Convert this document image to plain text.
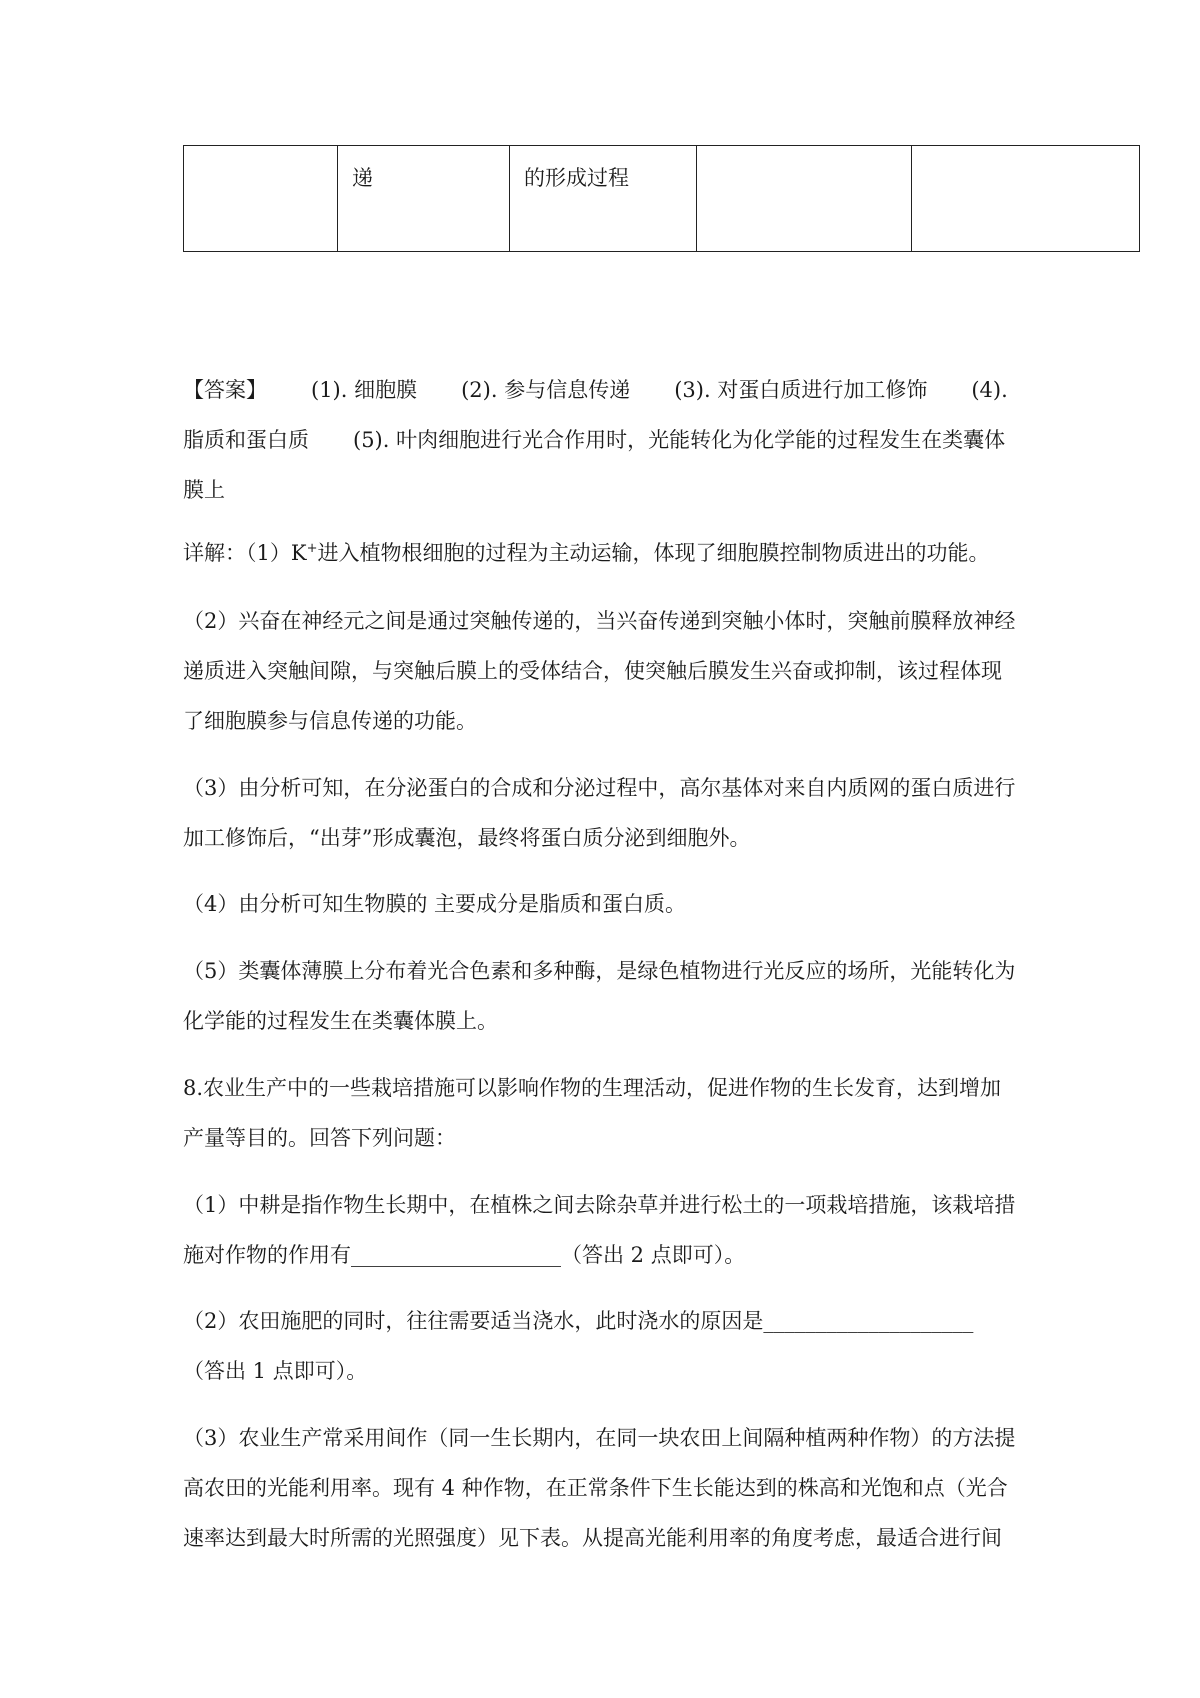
	递	的形成过程		
【答案】 (1). 细胞膜 (2). 参与信息传递 (3). 对蛋白质进行加工修饰 (4).
脂质和蛋白质 (5). 叶肉细胞进行光合作用时，光能转化为化学能的过程发生在类囊体
膜上
详解：（1）K+进入植物根细胞的过程为主动运输，体现了细胞膜控制物质进出的功能。
（2）兴奋在神经元之间是通过突触传递的，当兴奋传递到突触小体时，突触前膜释放神经
递质进入突触间隙，与突触后膜上的受体结合，使突触后膜发生兴奋或抑制，该过程体现
了细胞膜参与信息传递的功能。
（3）由分析可知，在分泌蛋白的合成和分泌过程中，高尔基体对来自内质网的蛋白质进行
加工修饰后，“出芽”形成囊泡，最终将蛋白质分泌到细胞外。
（4）由分析可知生物膜的 主要成分是脂质和蛋白质。
（5）类囊体薄膜上分布着光合色素和多种酶，是绿色植物进行光反应的场所，光能转化为
化学能的过程发生在类囊体膜上。
8.农业生产中的一些栽培措施可以影响作物的生理活动，促进作物的生长发育，达到增加
产量等目的。回答下列问题：
（1）中耕是指作物生长期中，在植株之间去除杂草并进行松土的一项栽培措施，该栽培措
施对作物的作用有____________________（答出 2 点即可）。
（2）农田施肥的同时，往往需要适当浇水，此时浇水的原因是____________________
（答出 1 点即可）。
（3）农业生产常采用间作（同一生长期内，在同一块农田上间隔种植两种作物）的方法提
高农田的光能利用率。现有 4 种作物，在正常条件下生长能达到的株高和光饱和点（光合
速率达到最大时所需的光照强度）见下表。从提高光能利用率的角度考虑，最适合进行间
